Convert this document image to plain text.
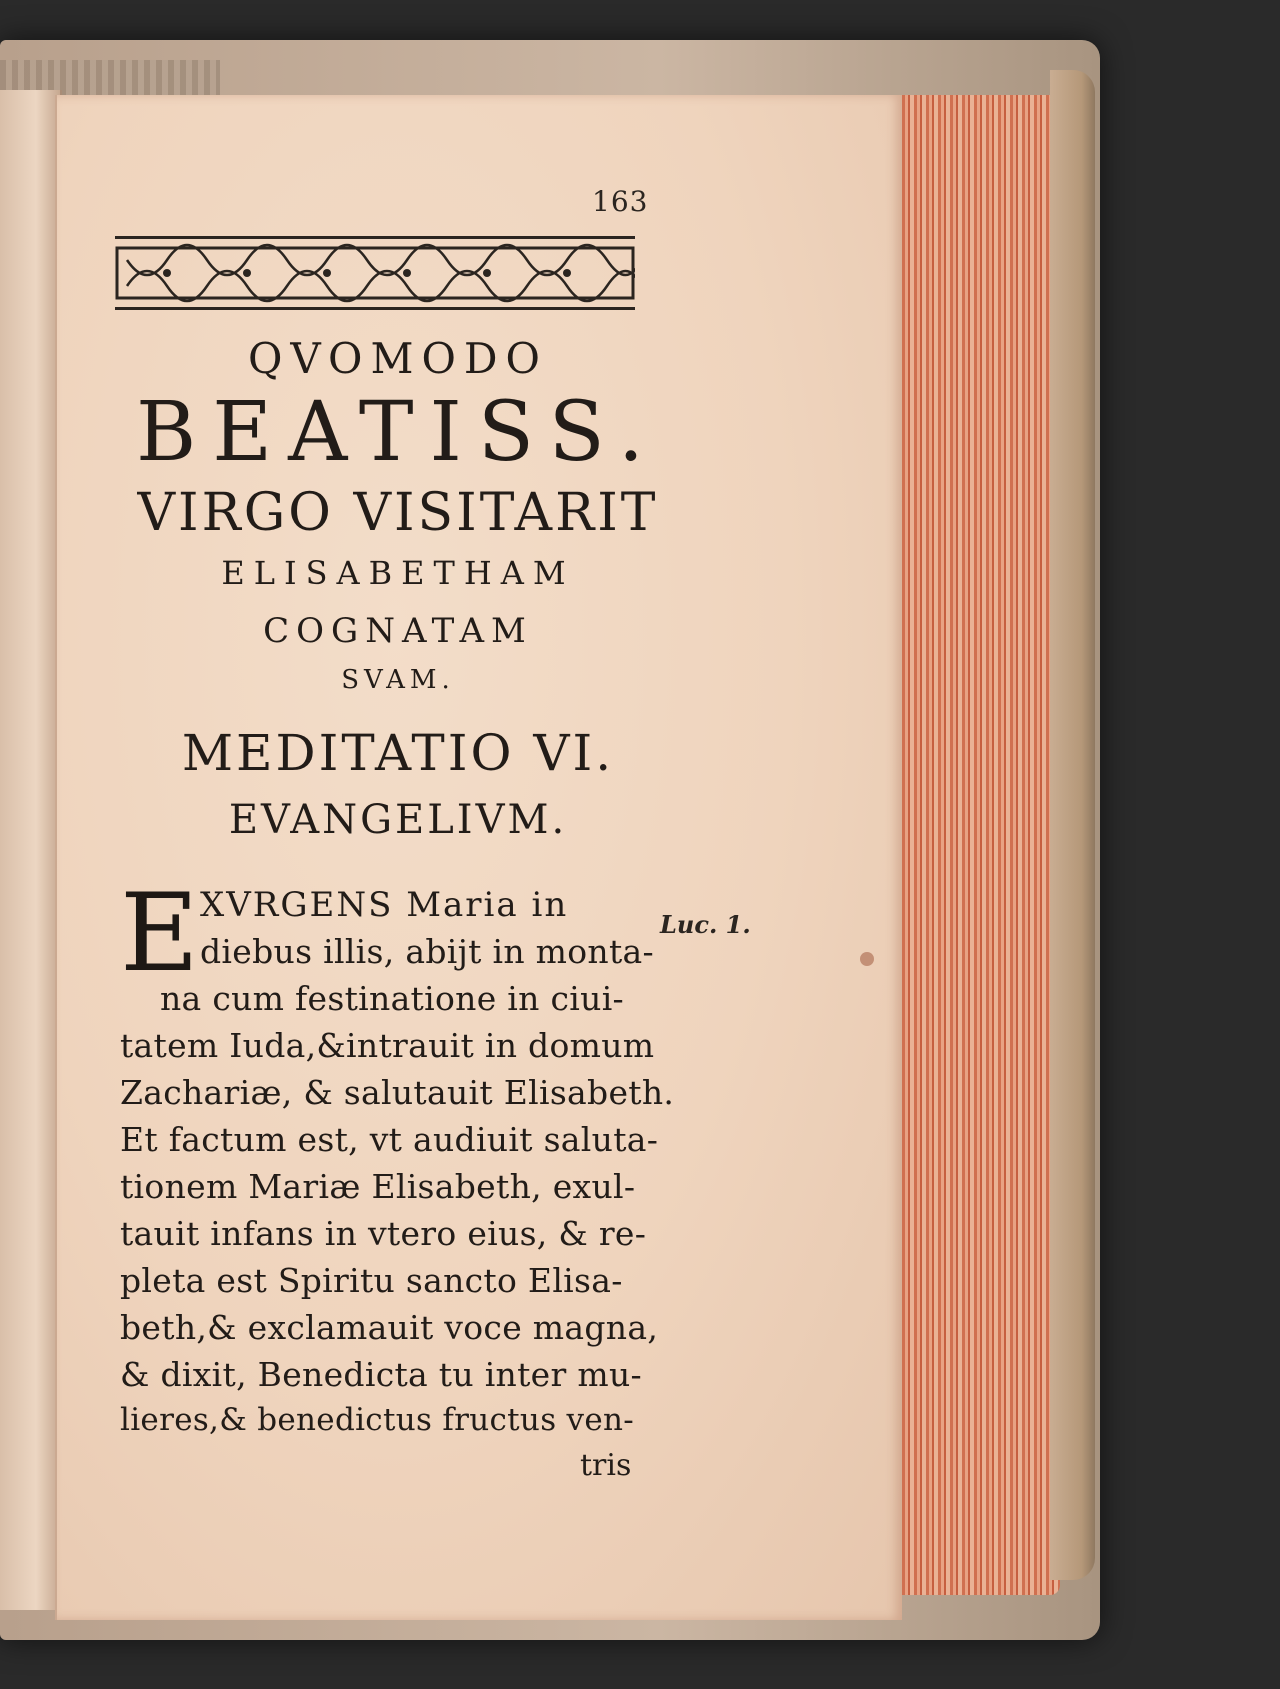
163
QVOMODO
BEATISS.
VIRGO VISITARIT
ELISABETHAM
COGNATAM
SVAM.
MEDITATIO VI.
EVANGELIVM.
E XVRGENS Maria in
diebus illis, abijt in monta-
na cum festinatione in ciui-
tatem Iuda,&intrauit in domum
Zachariæ, & salutauit Elisabeth.
Et factum est, vt audiuit saluta-
tionem Mariæ Elisabeth, exul-
tauit infans in vtero eius, & re-
pleta est Spiritu sancto Elisa-
beth,& exclamauit voce magna,
& dixit, Benedicta tu inter mu-
lieres,& benedictus fructus ven-
tris
Luc. 1.
